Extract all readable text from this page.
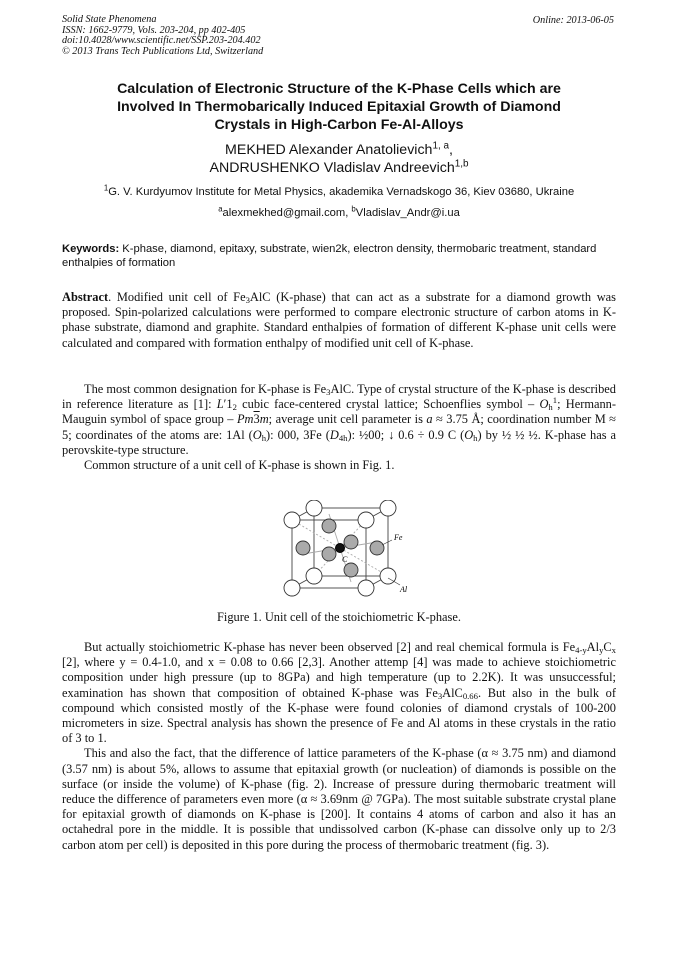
Solid State Phenomena
ISSN: 1662-9779, Vols. 203-204, pp 402-405
doi:10.4028/www.scientific.net/SSP.203-204.402
© 2013 Trans Tech Publications Ltd, Switzerland
Online: 2013-06-05
Calculation of Electronic Structure of the K-Phase Cells which are
Involved In Thermobarically Induced Epitaxial Growth of Diamond
Crystals in High-Carbon Fe-Al-Alloys
MEKHED Alexander Anatolievich$^{1, a}$,
ANDRUSHENKO Vladislav Andreevich$^{1,b}$
$^1$G. V. Kurdyumov Institute for Metal Physics, akademika Vernadskogo 36, Kiev 03680, Ukraine
$^a$alexmekhed@gmail.com, $^b$Vladislav_Andr@i.ua
Keywords: K-phase, diamond, epitaxy, substrate, wien2k, electron density, thermobaric treatment, standard enthalpies of formation

Abstract. Modified unit cell of $Fe_3AlC$ (K-phase) that can act as a substrate for a diamond growth was proposed. Spin-polarized calculations were performed to compare electronic structure of carbon atoms in K-phase substrate, diamond and graphite. Standard enthalpies of formation of different K-phase unit cells were calculated and compared with formation enthalpy of modified unit cell of K-phase.

The most common designation for K-phase is $Fe_3AlC$. Type of crystal structure of the K-phase is described in reference literature as [1]: $L'1_2$ cubic face-centered crystal lattice; Schoenflies symbol – $O_h^1$; Hermann-Mauguin symbol of space group – Pm3m; average unit cell parameter is a ≈ 3.75 Å; coordination number M ≈ 5; coordinates of the atoms are: 1Al $(O_h)$: 000, 3Fe $(D_{4h})$: ½00; ↓ 0.6 ÷ 0.9 C $(O_h)$ by ½ ½ ½. K-phase has a perovskite-type structure.

Common structure of a unit cell of K-phase is shown in Fig. 1.

Fe
C
Al
Figure 1. Unit cell of the stoichiometric K-phase.

But actually stoichiometric K-phase has never been observed [2] and real chemical formula is $Fe_{4-y}Al_yC_x$ [2], where y = 0.4-1.0, and x = 0.08 to 0.66 [2,3]. Another attemp [4] was made to achieve stoichiometric composition under high pressure (up to 8GPa) and high temperature (up to 2.2K). It was unsuccessful; examination has shown that composition of obtained K-phase was $Fe_3AlC_{0.66}$. But also in the bulk of compound which consisted mostly of the K-phase were found colonies of diamond crystals of 100-200 micrometers in size. Spectral analysis has shown the presence of Fe and Al atoms in these crystals in the ratio of 3 to 1.

This and also the fact, that the difference of lattice parameters of the K-phase (α ≈ 3.75 nm) and diamond (3.57 nm) is about 5%, allows to assume that epitaxial growth (or nucleation) of diamonds is possible on the surface (or inside the volume) of K-phase (fig. 2). Increase of pressure during thermobaric treatment will reduce the difference of parameters even more (α ≈ 3.69nm @ 7GPa). The most suitable substrate crystal plane for epitaxial growth of diamonds on K-phase is [200]. It contains 4 atoms of carbon and also it has an octahedral pore in the middle. It is possible that undissolved carbon (K-phase can dissolve only up to 2/3 carbon atom per cell) is deposited in this pore during the process of thermobaric treatment (fig. 3).
